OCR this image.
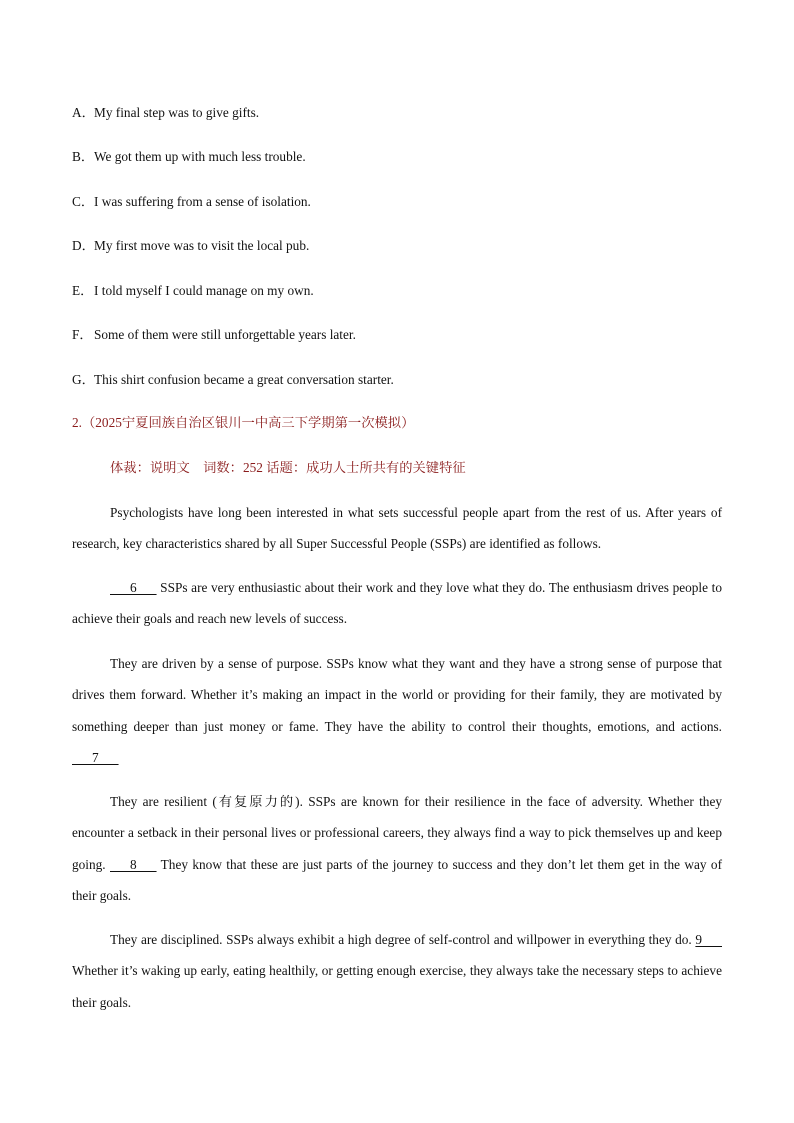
A．My final step was to give gifts.
B．We got them up with much less trouble.
C．I was suffering from a sense of isolation.
D．My first move was to visit the local pub.
E．I told myself I could manage on my own.
F．Some of them were still unforgettable years later.
G．This shirt confusion became a great conversation starter.
2.（2025宁夏回族自治区银川一中高三下学期第一次模拟）
体裁：说明文　词数：252 话题：成功人士所共有的关键特征
Psychologists have long been interested in what sets successful people apart from the rest of us. After years of research, key characteristics shared by all Super Successful People (SSPs) are identified as follows.
6       SSPs are very enthusiastic about their work and they love what they do. The enthusiasm drives people to achieve their goals and reach new levels of success.
They are driven by a sense of purpose. SSPs know what they want and they have a strong sense of purpose that drives them forward. Whether it’s making an impact in the world or providing for their family, they are motivated by something deeper than just money or fame. They have the ability to control their thoughts, emotions, and actions.       7
They are resilient (有复原力的). SSPs are known for their resilience in the face of adversity. Whether they encounter a setback in their personal lives or professional careers, they always find a way to pick themselves up and keep going.       8       They know that these are just parts of the journey to success and they don’t let them get in the way of their goals.
They are disciplined. SSPs always exhibit a high degree of self-control and willpower in everything they do. 9       Whether it’s waking up early, eating healthily, or getting enough exercise, they always take the necessary steps to achieve their goals.
